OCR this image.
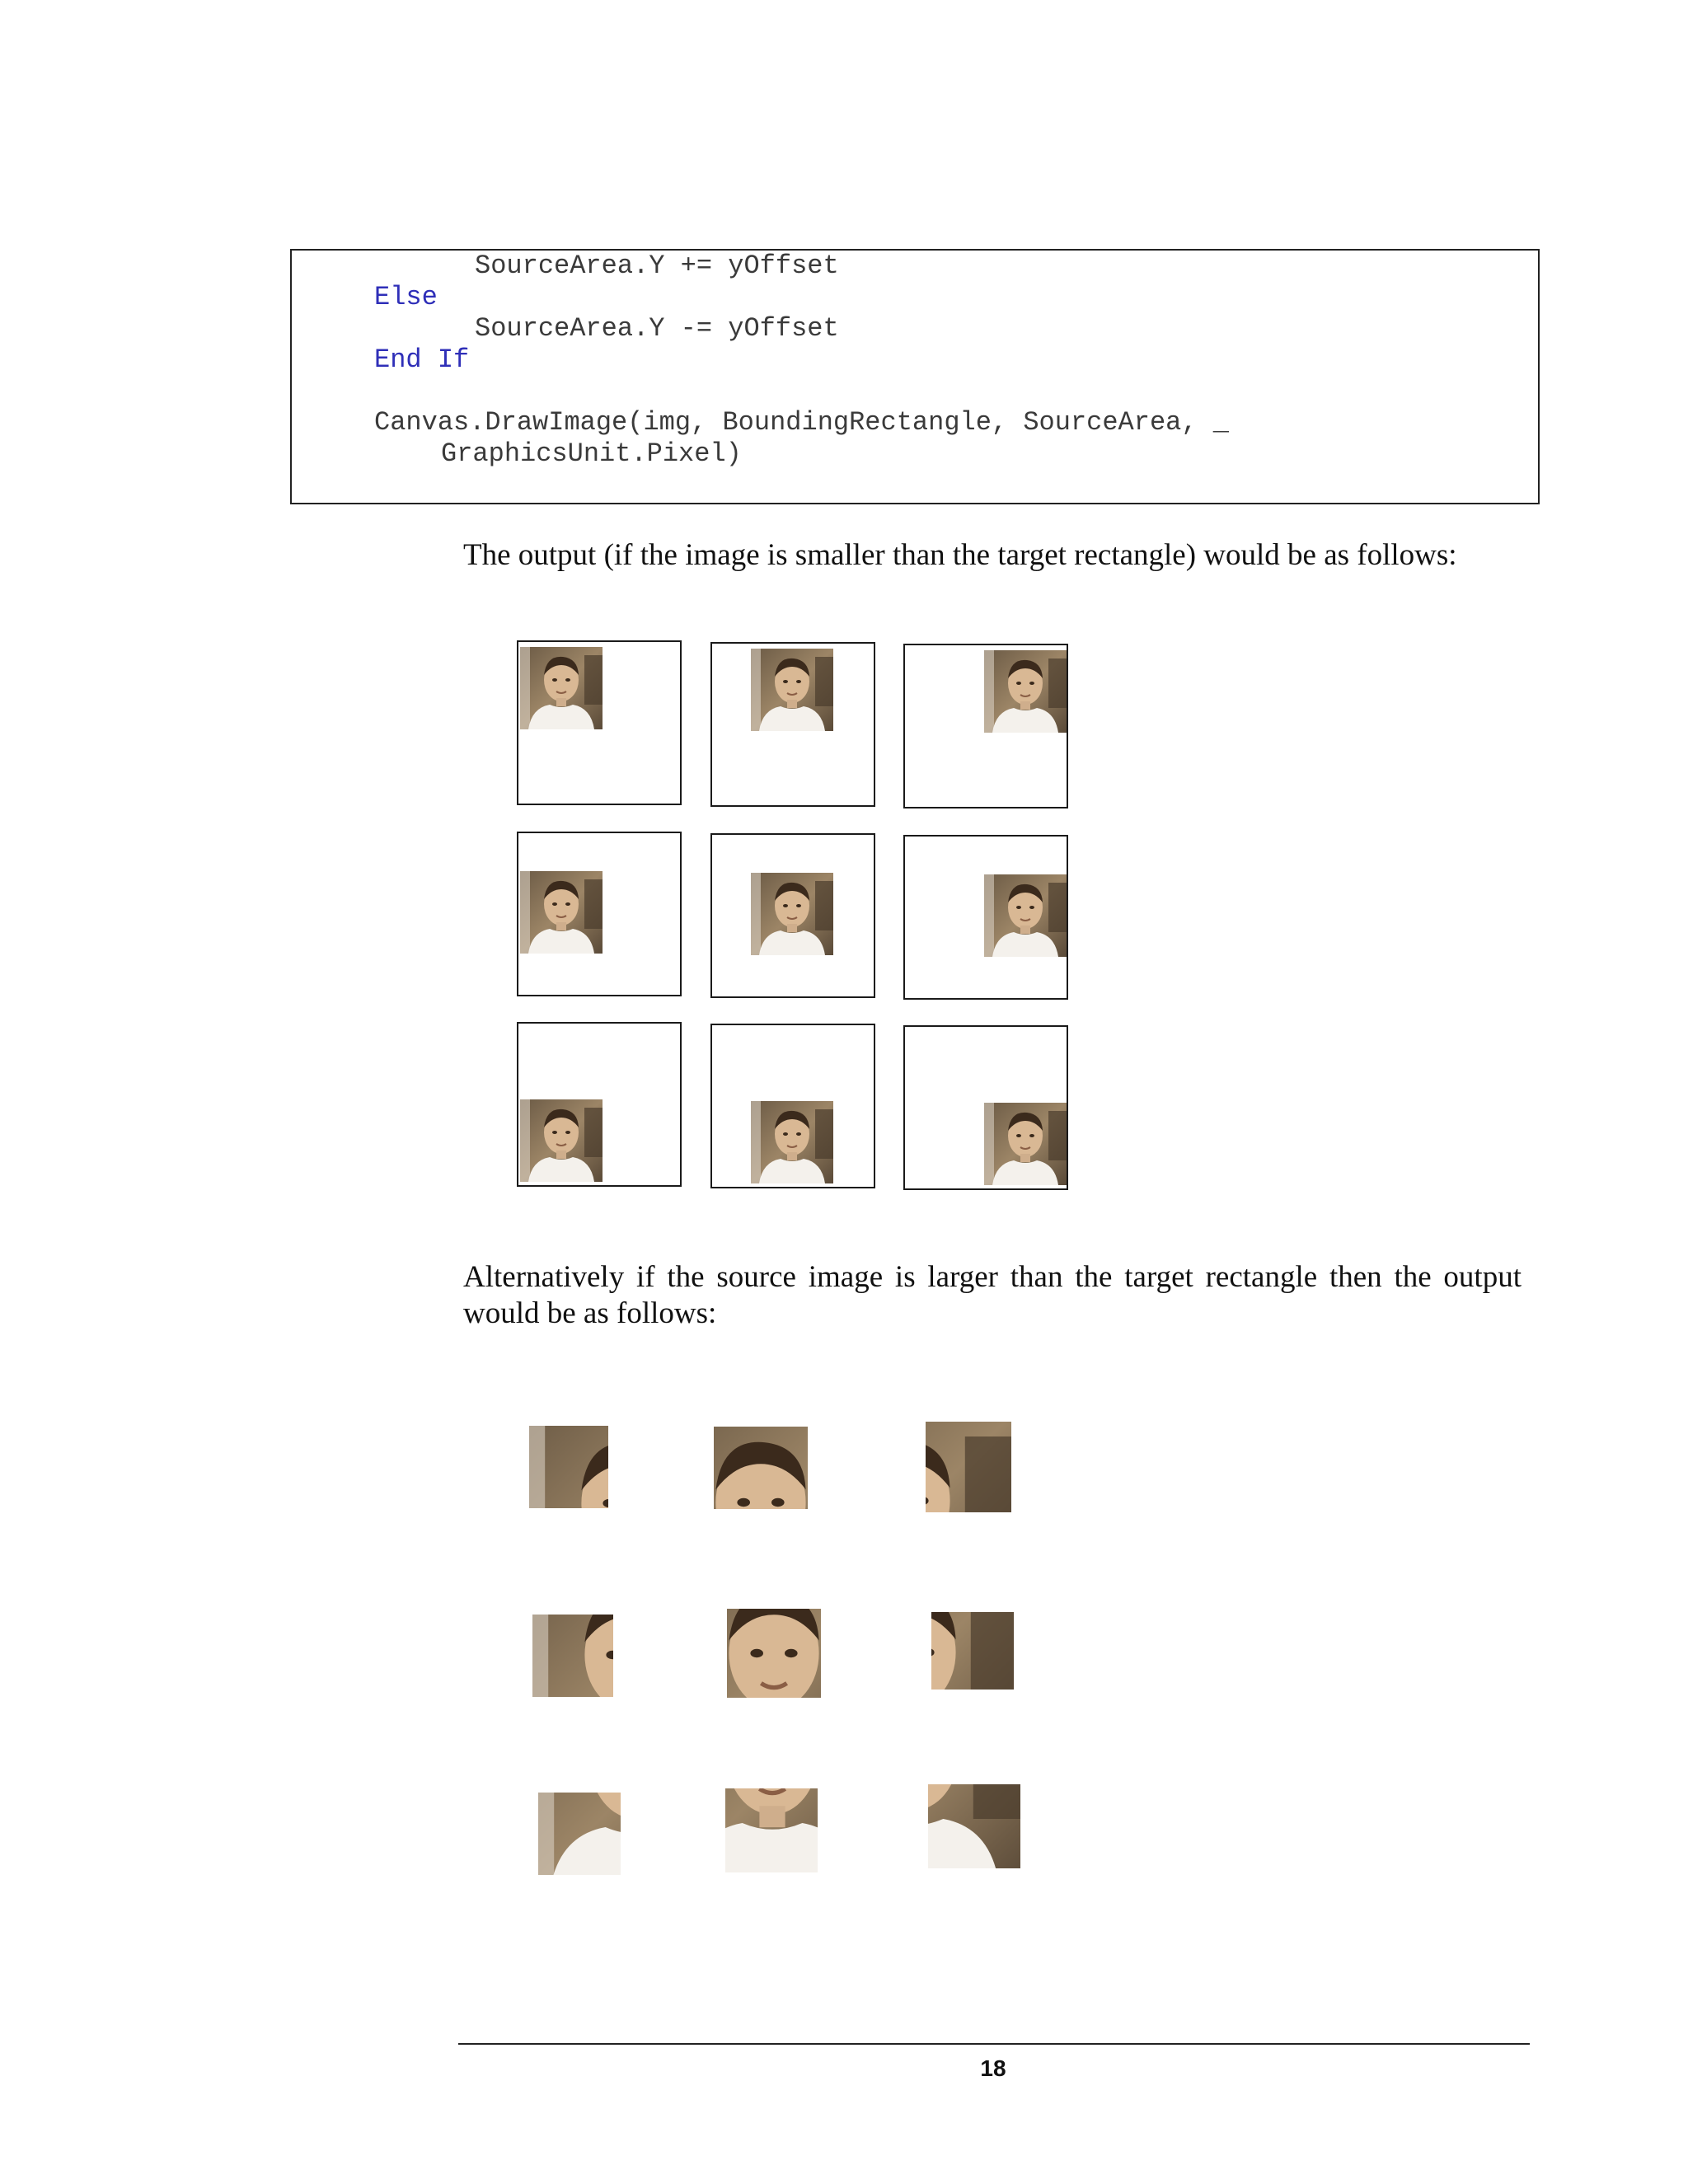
SourceArea.Y += yOffset
Else
SourceArea.Y -= yOffset
End If
Canvas.DrawImage(img, BoundingRectangle, SourceArea, _
GraphicsUnit.Pixel)
The output (if the image is smaller than the target rectangle) would be as follows:
Alternatively if the source image is larger than the target rectangle then the output would be as follows:
18
